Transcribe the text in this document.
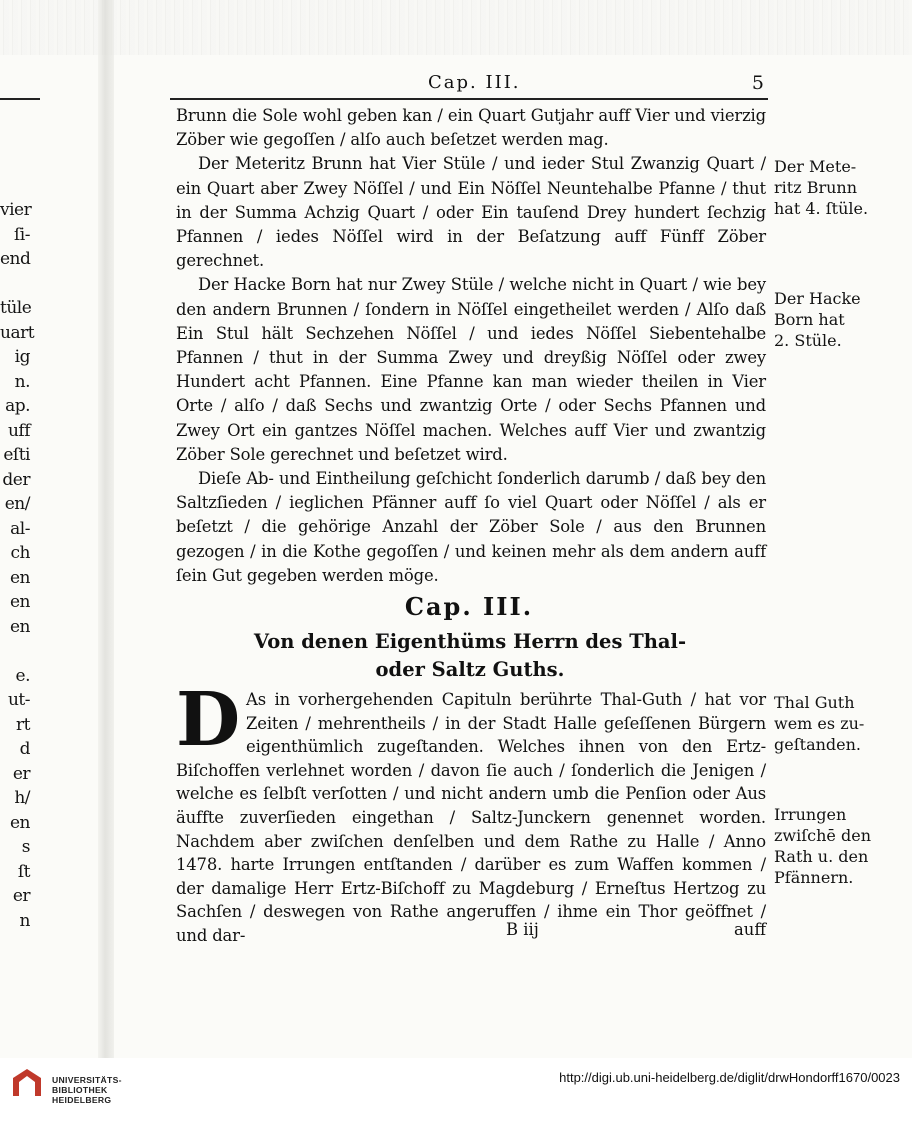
vier
ſi-
end
tüle
uart
ig
n.
ap.
uff
eſti
der
en/
al-
ch
en
en
en
e.
ut-
rt
d
er
h/
en
s
ſt
er
n
Cap. III.	5

Brunn die Sole wohl geben kan / ein Quart Gutjahr auff Vier und vierzig Zöber wie gegoſſen / alſo auch beſetzet werden mag.

Der Meteritz Brunn hat Vier Stüle / und ieder Stul Zwanzig Quart / ein Quart aber Zwey Nöſſel / und Ein Nöſſel Neuntehalbe Pfanne / thut in der Summa Achzig Quart / oder Ein tauſend Drey hundert ſechzig Pfannen / iedes Nöſſel wird in der Beſatzung auff Fünff Zöber gerechnet.

Der Hacke Born hat nur Zwey Stüle / welche nicht in Quart / wie bey den andern Brunnen / ſondern in Nöſſel eingetheilet werden / Alſo daß Ein Stul hält Sechzehen Nöſſel / und iedes Nöſſel Siebentehalbe Pfannen / thut in der Summa Zwey und dreyßig Nöſſel oder zwey Hundert acht Pfannen. Eine Pfanne kan man wieder theilen in Vier Orte / alſo / daß Sechs und zwantzig Orte / oder Sechs Pfannen und Zwey Ort ein gantzes Nöſſel machen. Welches auff Vier und zwantzig Zöber Sole gerechnet und beſetzet wird.

Dieſe Ab- und Eintheilung geſchicht ſonderlich darumb / daß bey den Saltzſieden / ieglichen Pfänner auff ſo viel Quart oder Nöſſel / als er beſetzt / die gehörige Anzahl der Zöber Sole / aus den Brunnen gezogen / in die Kothe gegoſſen / und keinen mehr als dem andern auff ſein Gut gegeben werden möge.

Cap. III.
Von denen Eigenthüms Herrn des Thal-
oder Saltz Guths.

D As in vorhergehenden Capituln berührte Thal-Guth / hat vor Zeiten / mehrentheils / in der Stadt Halle geſeſſenen Bürgern eigenthümlich zugeſtanden. Welches ihnen von den Ertz-Biſchoffen verlehnet worden / davon ſie auch / ſonderlich die Jenigen / welche es ſelbſt verſotten / und nicht andern umb die Penſion oder Aus äuffte zuverſieden eingethan / Saltz-Junckern genennet worden. Nachdem aber zwiſchen denſelben und dem Rathe zu Halle / Anno 1478. harte Irrungen entſtanden / darüber es zum Waffen kommen / der damalige Herr Ertz-Biſchoff zu Magdeburg / Erneſtus Hertzog zu Sachſen / deswegen von Rathe angeruffen / ihme ein Thor geöffnet / und dar-	B iij	auff
Der Mete-
ritz Brunn
hat 4. ſtüle.
Der Hacke
Born hat
2. Stüle.
Thal Guth
wem es zu-
geſtanden.
Irrungen
zwiſchē den
Rath u. den
Pfännern.
UNIVERSITÄTS-
BIBLIOTHEK
HEIDELBERG
http://digi.ub.uni-heidelberg.de/diglit/drwHondorff1670/0023
